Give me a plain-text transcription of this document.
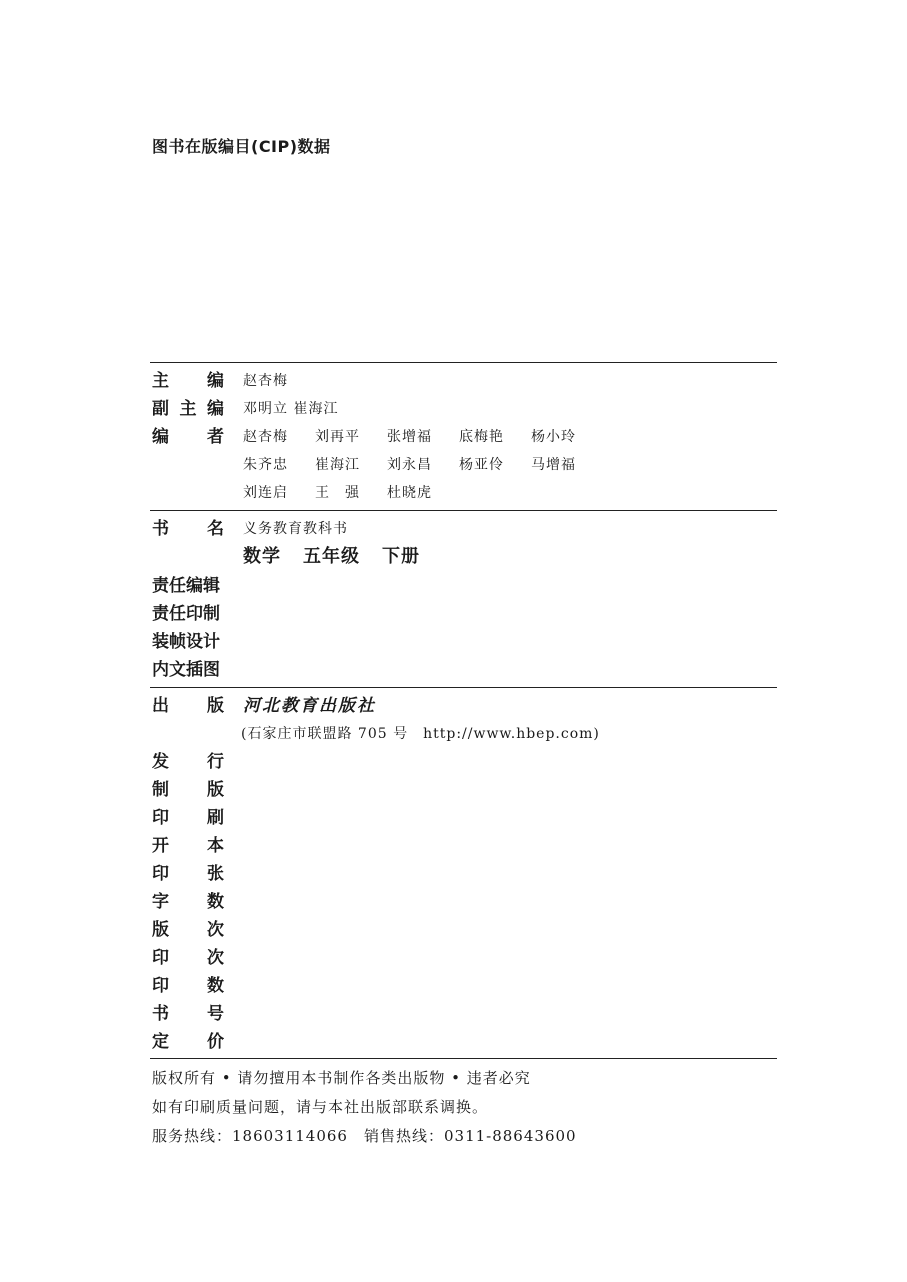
图书在版编目(CIP)数据
主 编 赵杏梅
副 主 编 邓明立 崔海江
编 者 赵杏梅 刘再平 张增福 底梅艳 杨小玲
朱齐忠 崔海江 刘永昌 杨亚伶 马增福
刘连启 王　强 杜晓虎
书 名 义务教育教科书
数学 五年级 下册
责任编辑
责任印制
装帧设计
内文插图
出 版 河北教育出版社
(石家庄市联盟路 705 号　http://www.hbep.com)
发 行
制 版
印 刷
开 本
印 张
字 数
版 次
印 次
印 数
书 号
定 价
版权所有 • 请勿擅用本书制作各类出版物 • 违者必究
如有印刷质量问题，请与本社出版部联系调换。
服务热线：18603114066　销售热线：0311-88643600
